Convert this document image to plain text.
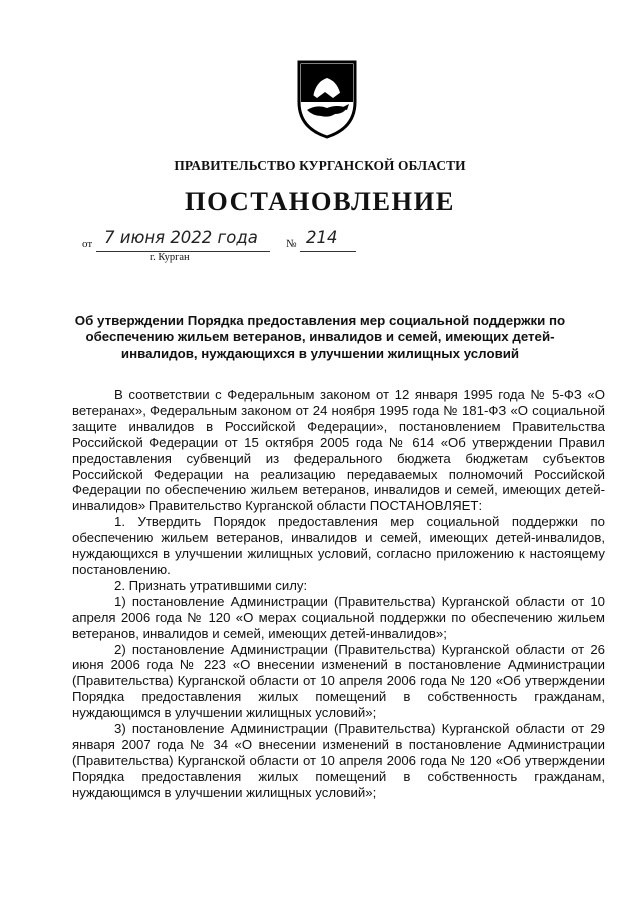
ПРАВИТЕЛЬСТВО КУРГАНСКОЙ ОБЛАСТИ
ПОСТАНОВЛЕНИЕ
от 7 июня 2022 года	№ 214
г. Курган
Об утверждении Порядка предоставления мер социальной поддержки по обеспечению жильем ветеранов, инвалидов и семей, имеющих детей-инвалидов, нуждающихся в улучшении жилищных условий

В соответствии с Федеральным законом от 12 января 1995 года № 5-ФЗ «О ветеранах», Федеральным законом от 24 ноября 1995 года № 181-ФЗ «О социальной защите инвалидов в Российской Федерации», постановлением Правительства Российской Федерации от 15 октября 2005 года № 614 «Об утверждении Правил предоставления субвенций из федерального бюджета бюджетам субъектов Российской Федерации на реализацию передаваемых полномочий Российской Федерации по обеспечению жильем ветеранов, инвалидов и семей, имеющих детей-инвалидов» Правительство Курганской области ПОСТАНОВЛЯЕТ:

1. Утвердить Порядок предоставления мер социальной поддержки по обеспечению жильем ветеранов, инвалидов и семей, имеющих детей-инвалидов, нуждающихся в улучшении жилищных условий, согласно приложению к настоящему постановлению.

2. Признать утратившими силу:

1) постановление Администрации (Правительства) Курганской области от 10 апреля 2006 года № 120 «О мерах социальной поддержки по обеспечению жильем ветеранов, инвалидов и семей, имеющих детей-инвалидов»;

2) постановление Администрации (Правительства) Курганской области от 26 июня 2006 года № 223 «О внесении изменений в постановление Администрации (Правительства) Курганской области от 10 апреля 2006 года № 120 «Об утверждении Порядка предоставления жилых помещений в собственность гражданам, нуждающимся в улучшении жилищных условий»;

3) постановление Администрации (Правительства) Курганской области от 29 января 2007 года № 34 «О внесении изменений в постановление Администрации (Правительства) Курганской области от 10 апреля 2006 года № 120 «Об утверждении Порядка предоставления жилых помещений в собственность гражданам, нуждающимся в улучшении жилищных условий»;
